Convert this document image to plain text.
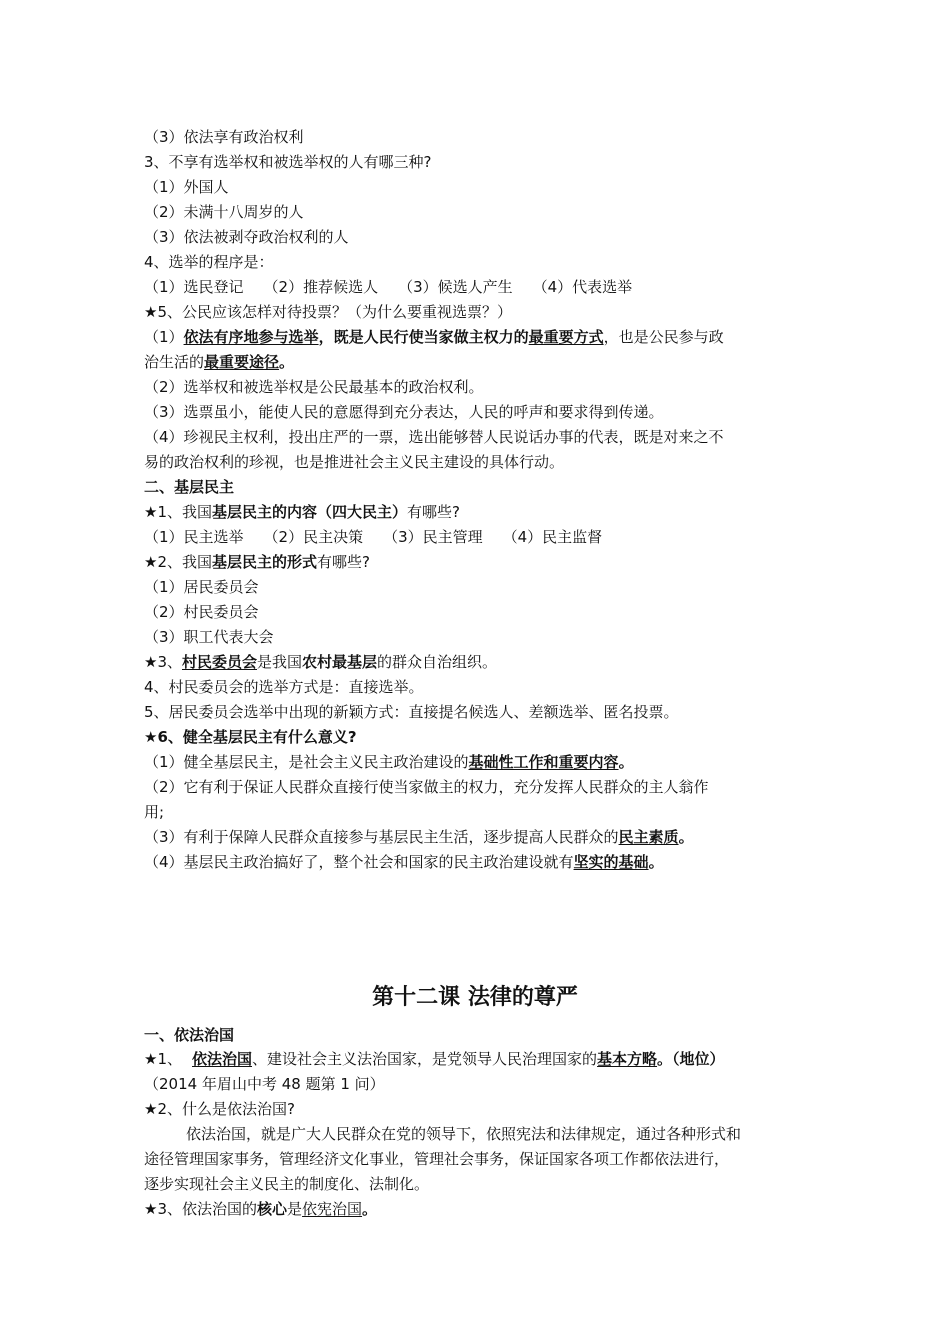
（3）依法享有政治权利
3、不享有选举权和被选举权的人有哪三种?
（1）外国人
（2）未满十八周岁的人
（3）依法被剥夺政治权利的人
4、选举的程序是：
（1）选民登记 （2）推荐候选人 （3）候选人产生 （4）代表选举
★5、公民应该怎样对待投票？（为什么要重视选票？）
（1）依法有序地参与选举，既是人民行使当家做主权力的最重要方式，也是公民参与政
治生活的最重要途径。
（2）选举权和被选举权是公民最基本的政治权利。
（3）选票虽小，能使人民的意愿得到充分表达，人民的呼声和要求得到传递。
（4）珍视民主权利，投出庄严的一票，选出能够替人民说话办事的代表，既是对来之不
易的政治权利的珍视，也是推进社会主义民主建设的具体行动。
二、基层民主
★1、我国基层民主的内容（四大民主）有哪些?
（1）民主选举 （2）民主决策 （3）民主管理 （4）民主监督
★2、我国基层民主的形式有哪些?
（1）居民委员会
（2）村民委员会
（3）职工代表大会
★3、村民委员会是我国农村最基层的群众自治组织。
4、村民委员会的选举方式是：直接选举。
5、居民委员会选举中出现的新颖方式：直接提名候选人、差额选举、匿名投票。
★6、健全基层民主有什么意义?
（1）健全基层民主，是社会主义民主政治建设的基础性工作和重要内容。
（2）它有利于保证人民群众直接行使当家做主的权力，充分发挥人民群众的主人翁作
用;
（3）有利于保障人民群众直接参与基层民主生活，逐步提高人民群众的民主素质。
（4）基层民主政治搞好了，整个社会和国家的民主政治建设就有坚实的基础。
第十二课 法律的尊严
一、依法治国
★1、 依法治国、建设社会主义法治国家，是党领导人民治理国家的基本方略。（地位）
（2014 年眉山中考 48 题第 1 问）
★2、什么是依法治国?
依法治国，就是广大人民群众在党的领导下，依照宪法和法律规定，通过各种形式和
途径管理国家事务，管理经济文化事业，管理社会事务，保证国家各项工作都依法进行，
逐步实现社会主义民主的制度化、法制化。
★3、依法治国的核心是依宪治国。
